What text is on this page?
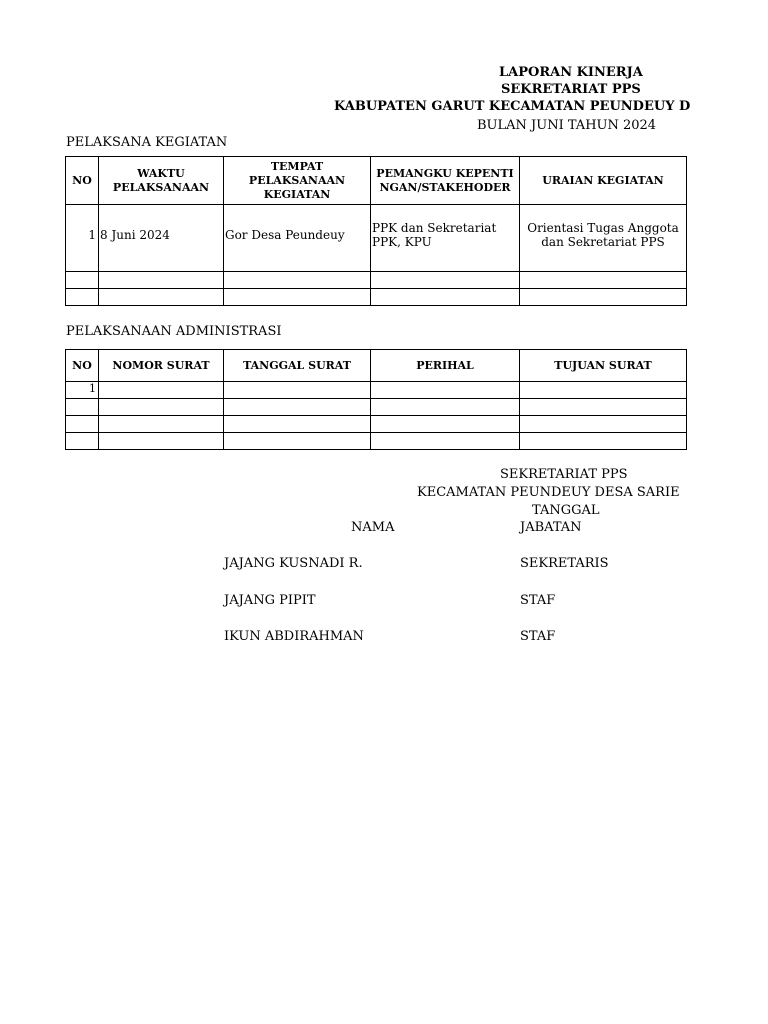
LAPORAN KINERJA
SEKRETARIAT PPS
KABUPATEN GARUT KECAMATAN PEUNDEUY D
BULAN JUNI TAHUN 2024
PELAKSANA KEGIATAN
NO	WAKTU PELAKSANAAN	TEMPAT PELAKSANAAN KEGIATAN	PEMANGKU KEPENTINGAN/STAKEHODER	URAIAN KEGIATAN
1	8 Juni 2024	Gor Desa Peundeuy	PPK dan Sekretariat PPK, KPU	Orientasi Tugas Anggota dan Sekretariat PPS

PELAKSANAAN ADMINISTRASI
NO	NOMOR SURAT	TANGGAL SURAT	PERIHAL	TUJUAN SURAT
1				

SEKRETARIAT PPS
KECAMATAN PEUNDEUY DESA SARIE
TANGGAL
NAMA	JABATAN
JAJANG KUSNADI R.	SEKRETARIS
JAJANG PIPIT	STAF
IKUN ABDIRAHMAN	STAF
